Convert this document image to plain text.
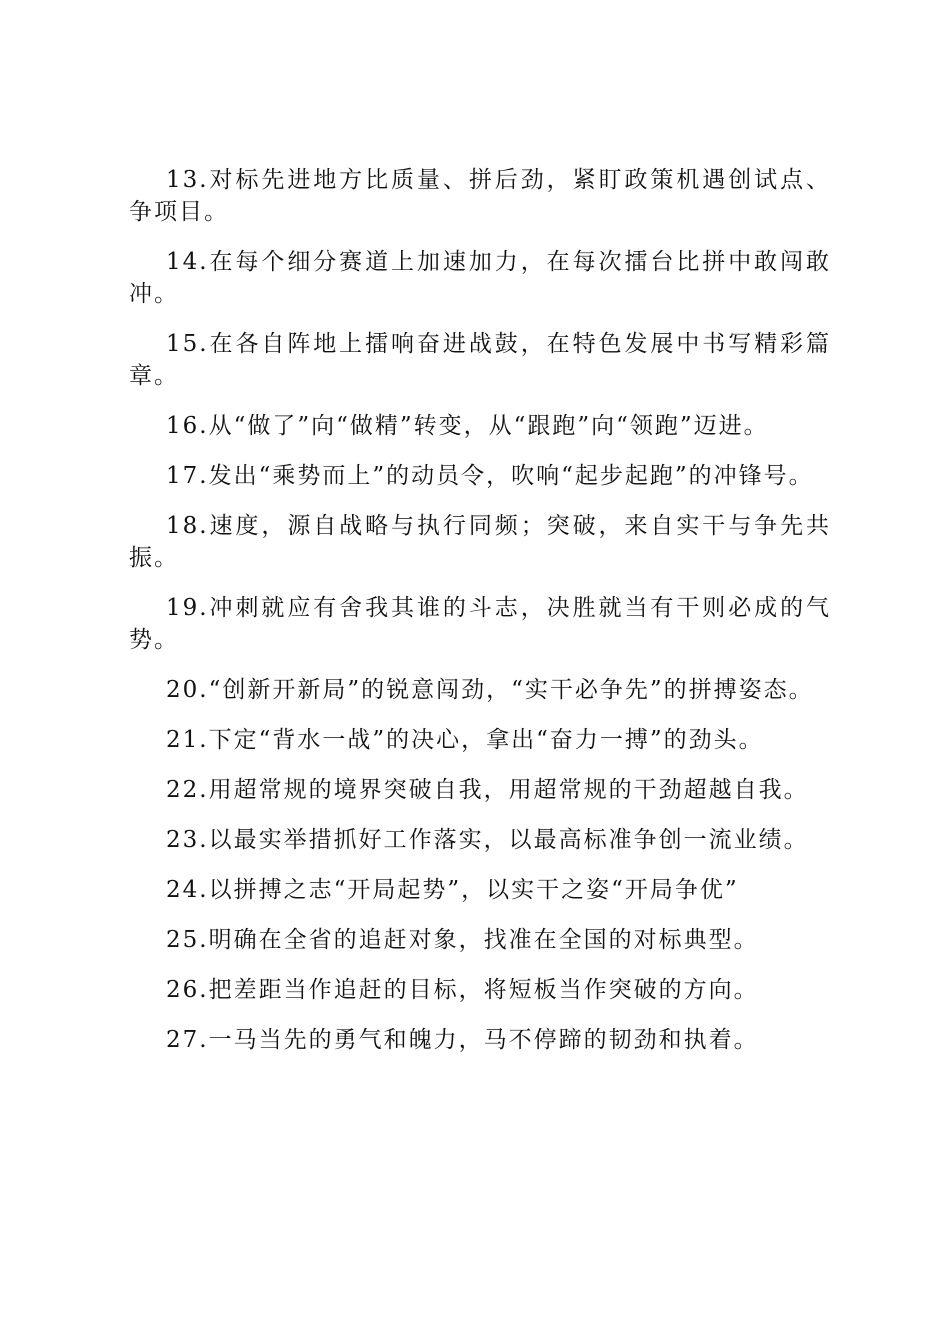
13.对标先进地方比质量、拼后劲，紧盯政策机遇创试点、争项目。

14.在每个细分赛道上加速加力，在每次擂台比拼中敢闯敢冲。

15.在各自阵地上擂响奋进战鼓，在特色发展中书写精彩篇章。

16.从“做了”向“做精”转变，从“跟跑”向“领跑”迈进。

17.发出“乘势而上”的动员令，吹响“起步起跑”的冲锋号。

18.速度，源自战略与执行同频；突破，来自实干与争先共振。

19.冲刺就应有舍我其谁的斗志，决胜就当有干则必成的气势。

20.“创新开新局”的锐意闯劲，“实干必争先”的拼搏姿态。

21.下定“背水一战”的决心，拿出“奋力一搏”的劲头。

22.用超常规的境界突破自我，用超常规的干劲超越自我。

23.以最实举措抓好工作落实，以最高标准争创一流业绩。

24.以拼搏之志“开局起势”，以实干之姿“开局争优”

25.明确在全省的追赶对象，找准在全国的对标典型。

26.把差距当作追赶的目标，将短板当作突破的方向。

27.一马当先的勇气和魄力，马不停蹄的韧劲和执着。
